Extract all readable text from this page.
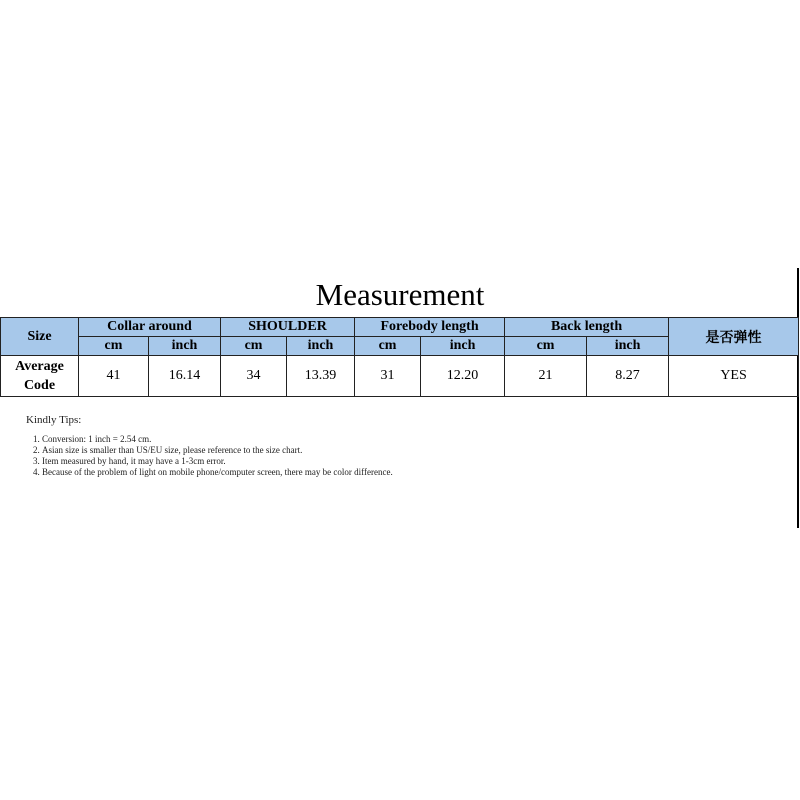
Measurement
Size	Collar around		SHOULDER		Forebody length		Back length		是否弹性
	cm	inch	cm	inch	cm	inch	cm	inch	

Average
Code	41	16.14	34	13.39	31	12.20	21	8.27	YES
Kindly Tips:
1. Conversion: 1 inch = 2.54 cm.
2. Asian size is smaller than US/EU size, please reference to the size chart.
3. Item measured by hand, it may have a 1-3cm error.
4. Because of the problem of light on mobile phone/computer screen, there may be color difference.
